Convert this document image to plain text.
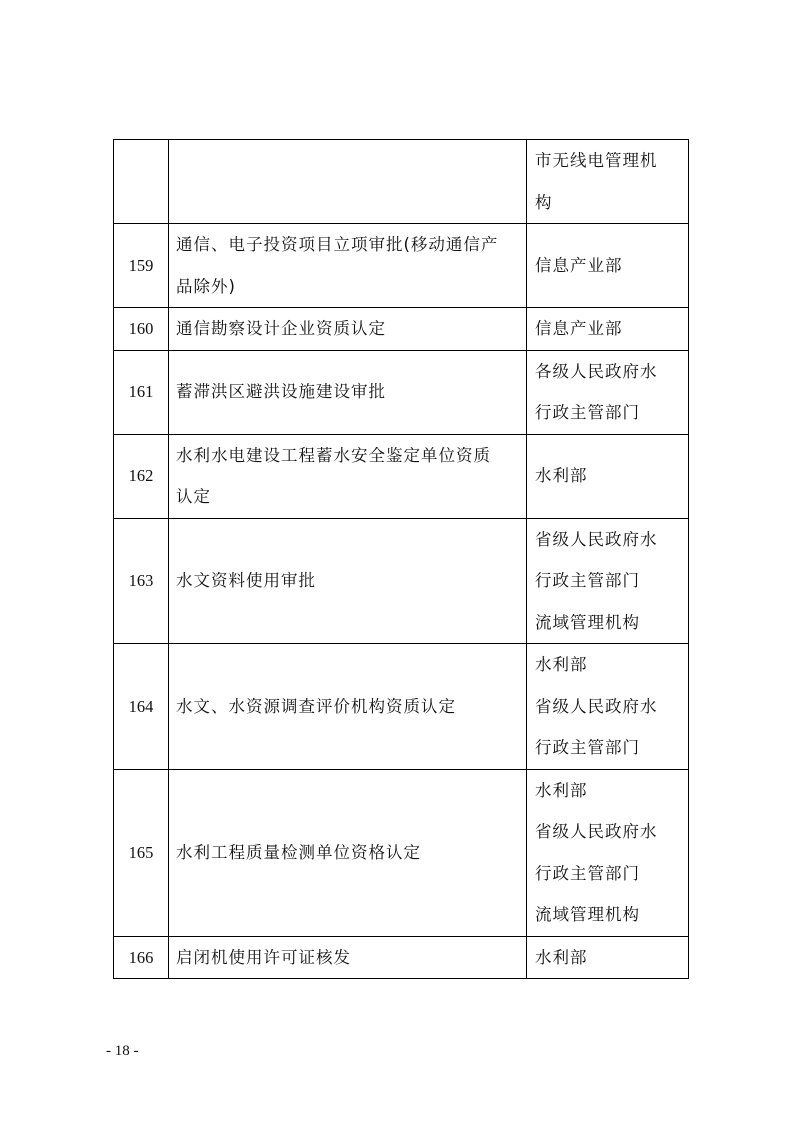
		市无线电管理机
构

159	通信、电子投资项目立项审批(移动通信产
品除外)	信息产业部

160	通信勘察设计企业资质认定	信息产业部

161	蓄滞洪区避洪设施建设审批	各级人民政府水
行政主管部门

162	水利水电建设工程蓄水安全鉴定单位资质
认定	水利部

163	水文资料使用审批	省级人民政府水
行政主管部门
流域管理机构

164	水文、水资源调查评价机构资质认定	水利部
省级人民政府水
行政主管部门

165	水利工程质量检测单位资格认定	水利部
省级人民政府水
行政主管部门
流域管理机构

166	启闭机使用许可证核发	水利部
- 18 -
